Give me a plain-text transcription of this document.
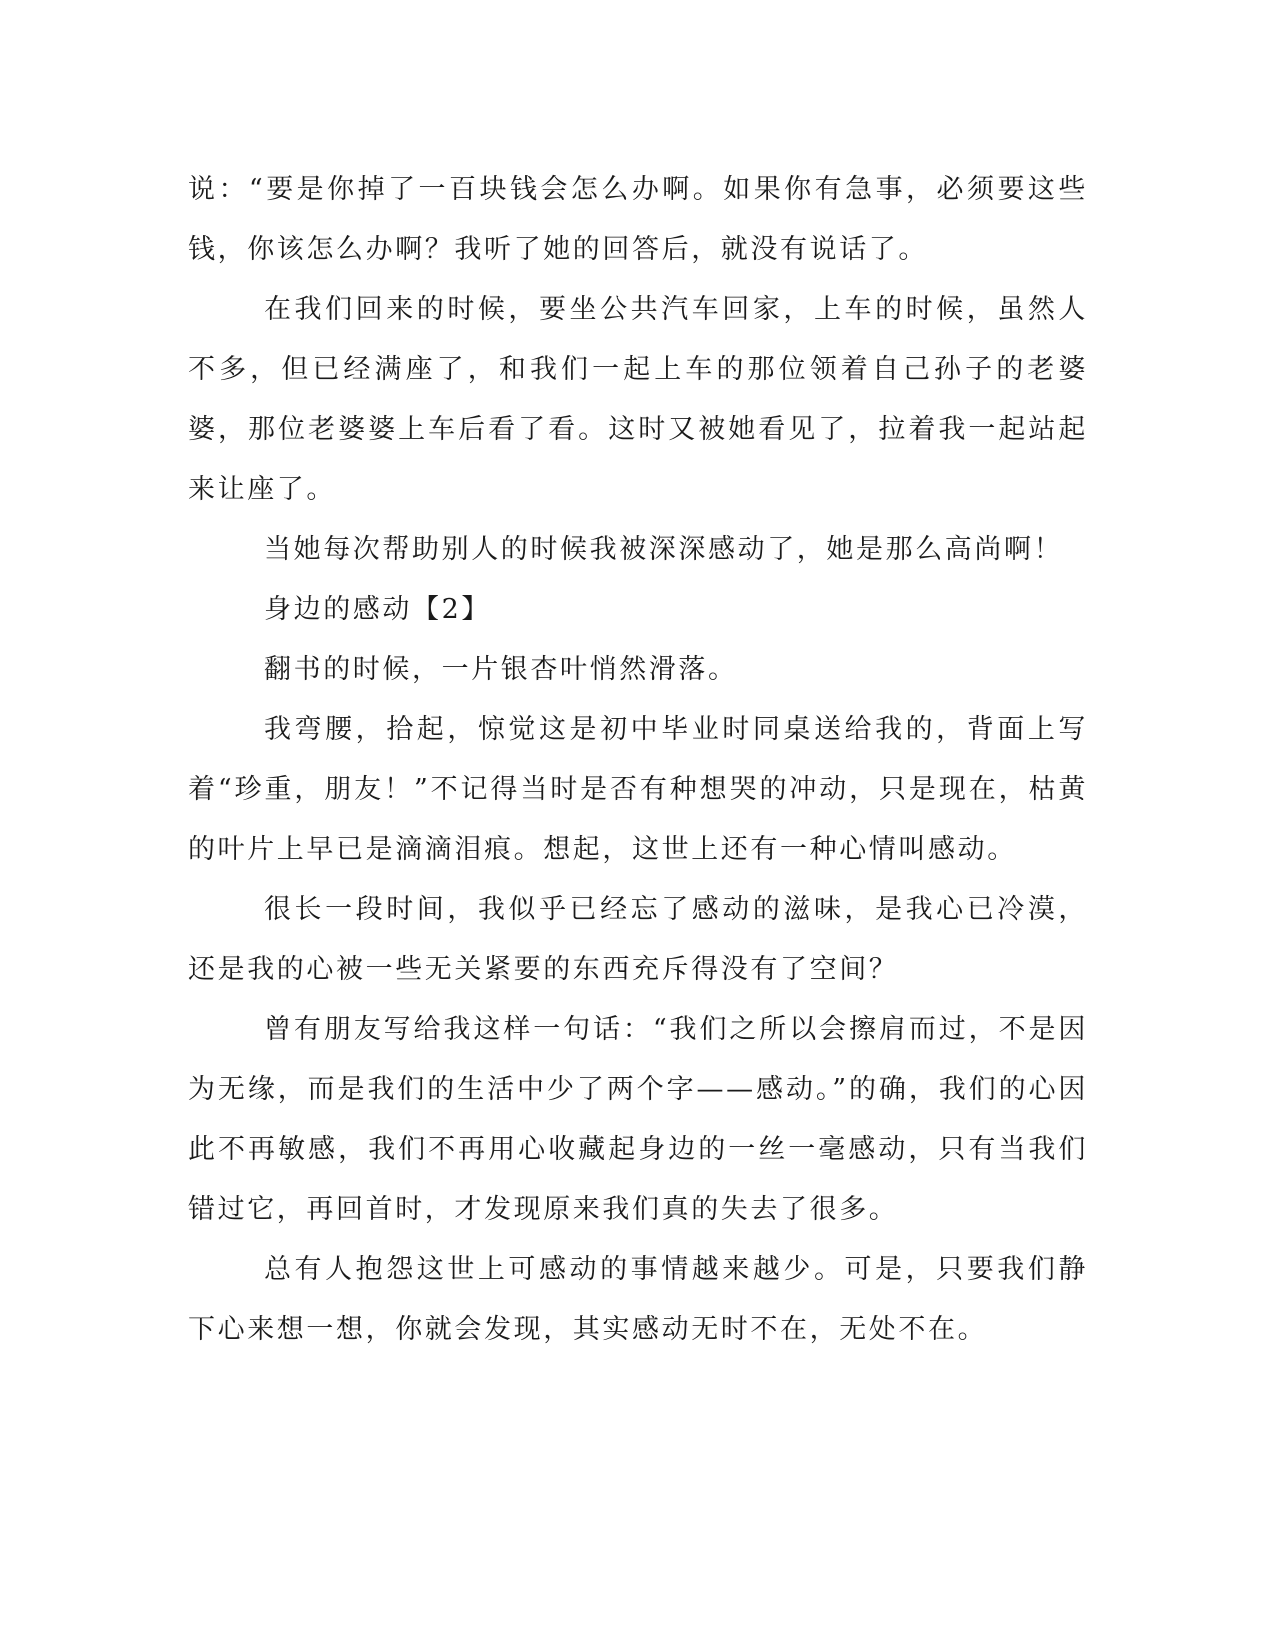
说：“要是你掉了一百块钱会怎么办啊。如果你有急事，必须要这些钱，你该怎么办啊？我听了她的回答后，就没有说话了。

在我们回来的时候，要坐公共汽车回家，上车的时候，虽然人不多，但已经满座了，和我们一起上车的那位领着自己孙子的老婆婆，那位老婆婆上车后看了看。这时又被她看见了，拉着我一起站起来让座了。

当她每次帮助别人的时候我被深深感动了，她是那么高尚啊！

身边的感动【2】

翻书的时候，一片银杏叶悄然滑落。

我弯腰，拾起，惊觉这是初中毕业时同桌送给我的，背面上写着“珍重，朋友！”不记得当时是否有种想哭的冲动，只是现在，枯黄的叶片上早已是滴滴泪痕。想起，这世上还有一种心情叫感动。

很长一段时间，我似乎已经忘了感动的滋味，是我心已冷漠，还是我的心被一些无关紧要的东西充斥得没有了空间？

曾有朋友写给我这样一句话：“我们之所以会擦肩而过，不是因为无缘，而是我们的生活中少了两个字——感动。”的确，我们的心因此不再敏感，我们不再用心收藏起身边的一丝一毫感动，只有当我们错过它，再回首时，才发现原来我们真的失去了很多。

总有人抱怨这世上可感动的事情越来越少。可是，只要我们静下心来想一想，你就会发现，其实感动无时不在，无处不在。
